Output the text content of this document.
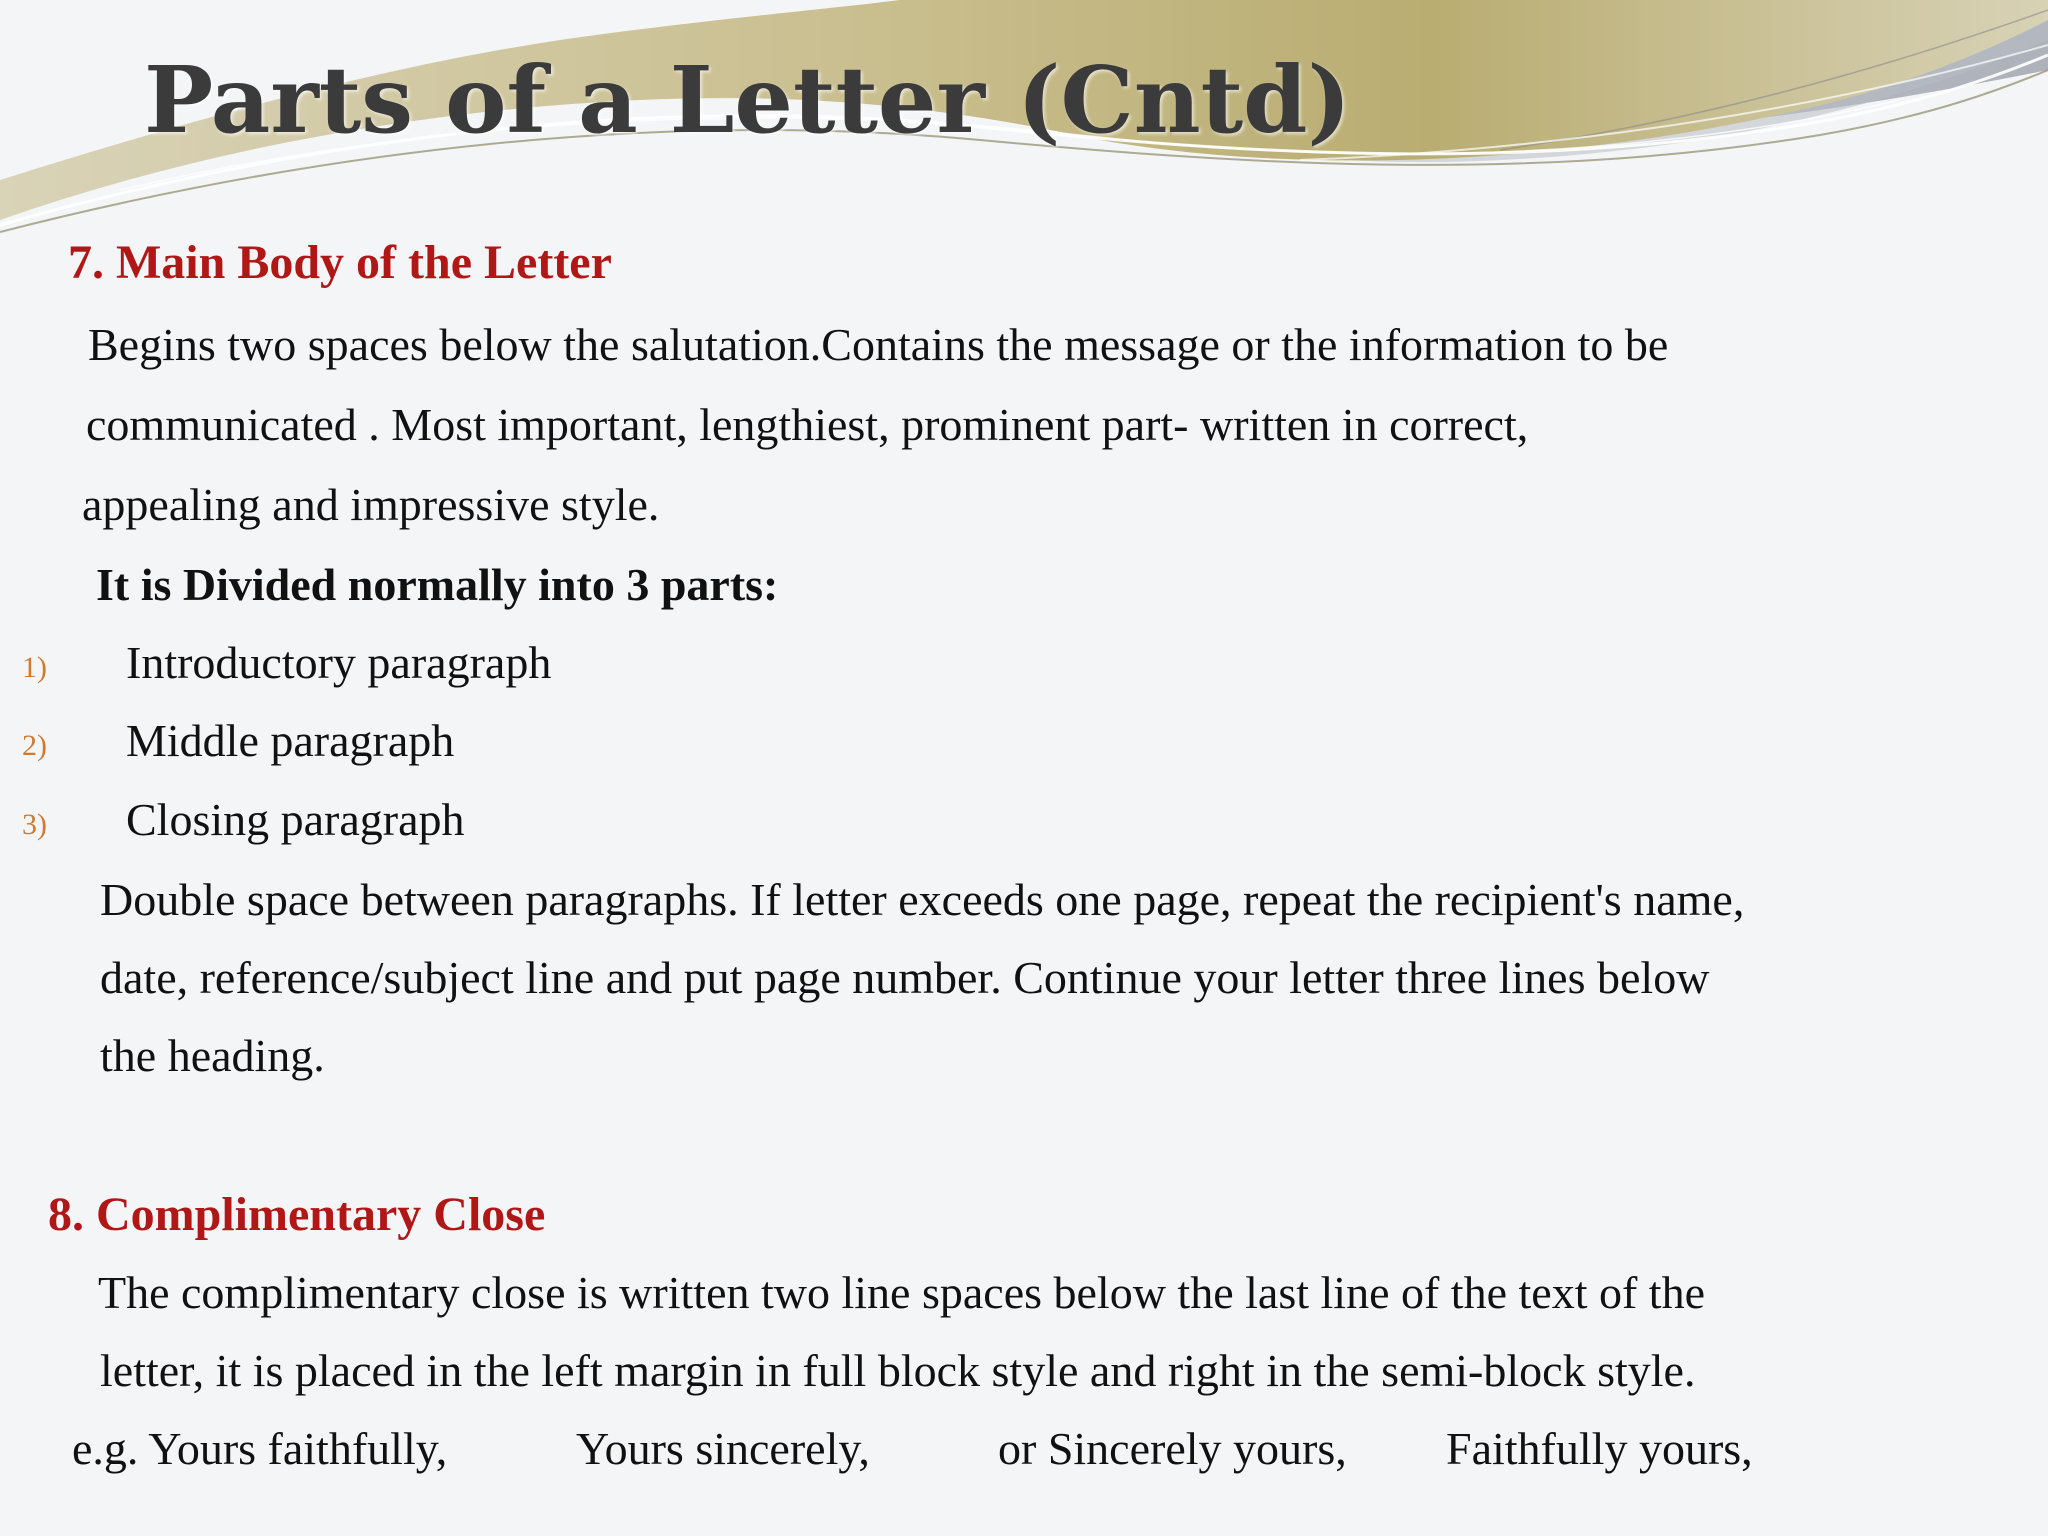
Parts of a Letter (Cntd)
7. Main Body of the Letter
Begins two spaces below the salutation.Contains the message or the information to be
communicated . Most important, lengthiest, prominent part- written in correct,
appealing and impressive style.
It is Divided normally into 3 parts:
1) Introductory paragraph
2) Middle paragraph
3) Closing paragraph
Double space between paragraphs. If letter exceeds one page, repeat the recipient's name,
date, reference/subject line and put page number. Continue your letter three lines below
the heading.
8. Complimentary Close
The complimentary close is written two line spaces below the last line of the text of the
letter, it is placed in the left margin in full block style and right in the semi-block style.
e.g. Yours faithfully,	Yours sincerely,	or Sincerely yours, Faithfully yours,
